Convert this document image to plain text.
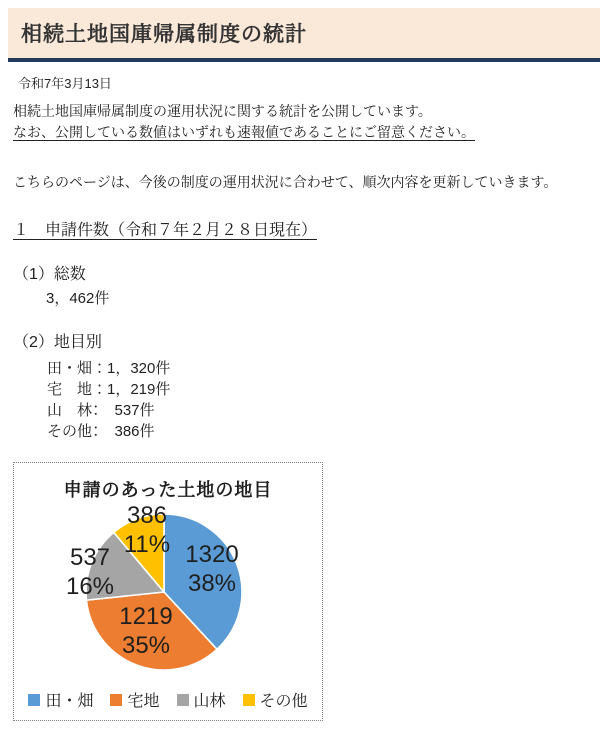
相続土地国庫帰属制度の統計
令和7年3月13日
相続土地国庫帰属制度の運用状況に関する統計を公開しています。
なお、公開している数値はいずれも速報値であることにご留意ください。
こちらのページは、今後の制度の運用状況に合わせて、順次内容を更新していきます。
１　申請件数（令和７年２月２８日現在）
（1）総数
3，462件
（2）地目別
田・畑：1，320件
宅　地：1，219件
山　林：　537件
その他：　386件
申請のあった土地の地目
1320
38%
1219
35%
537
16%
386
11%
田・畑 宅地 山林 その他
